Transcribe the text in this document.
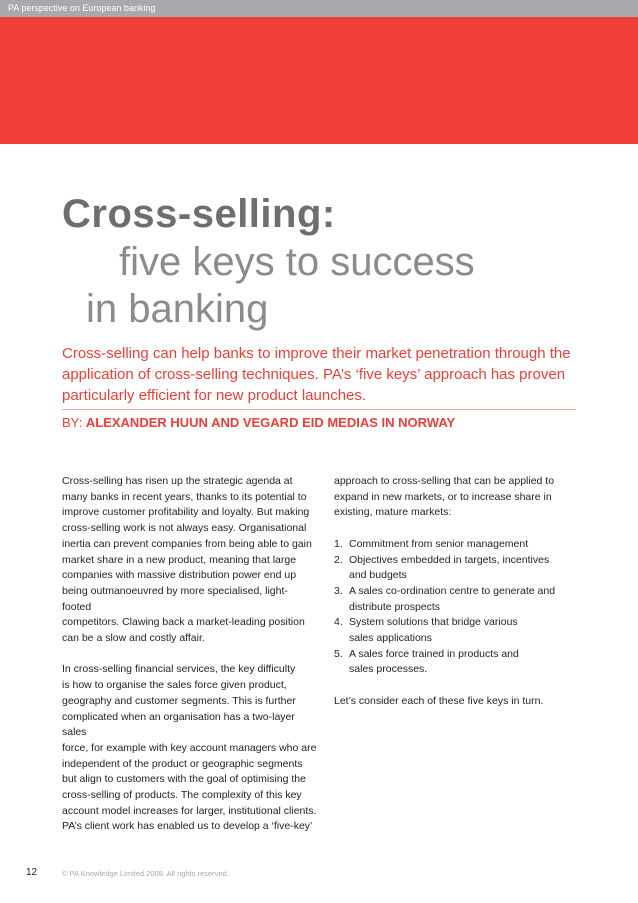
PA perspective on European banking
Cross-selling:
five keys to success
in banking
Cross-selling can help banks to improve their market penetration through the application of cross-selling techniques. PA’s ‘five keys’ approach has proven particularly efficient for new product launches.
BY: ALEXANDER HUUN AND VEGARD EID MEDIAS IN NORWAY

Cross-selling has risen up the strategic agenda at

many banks in recent years, thanks to its potential to

improve customer profitability and loyalty. But making

cross-selling work is not always easy. Organisational

inertia can prevent companies from being able to gain

market share in a new product, meaning that large

companies with massive distribution power end up

being outmanoeuvred by more specialised, light-footed

competitors. Clawing back a market-leading position

can be a slow and costly affair.

In cross-selling financial services, the key difficulty

is how to organise the sales force given product,

geography and customer segments. This is further

complicated when an organisation has a two-layer sales

force, for example with key account managers who are

independent of the product or geographic segments

but align to customers with the goal of optimising the

cross-selling of products. The complexity of this key

account model increases for larger, institutional clients.

PA’s client work has enabled us to develop a ‘five-key’

approach to cross-selling that can be applied to

expand in new markets, or to increase share in

existing, mature markets:

1. Commitment from senior management

2. Objectives embedded in targets, incentives

and budgets

3. A sales co-ordination centre to generate and

distribute prospects

4. System solutions that bridge various

sales applications

5. A sales force trained in products and

sales processes.

Let’s consider each of these five keys in turn.

12	© PA Knowledge Limited 2008. All rights reserved.
